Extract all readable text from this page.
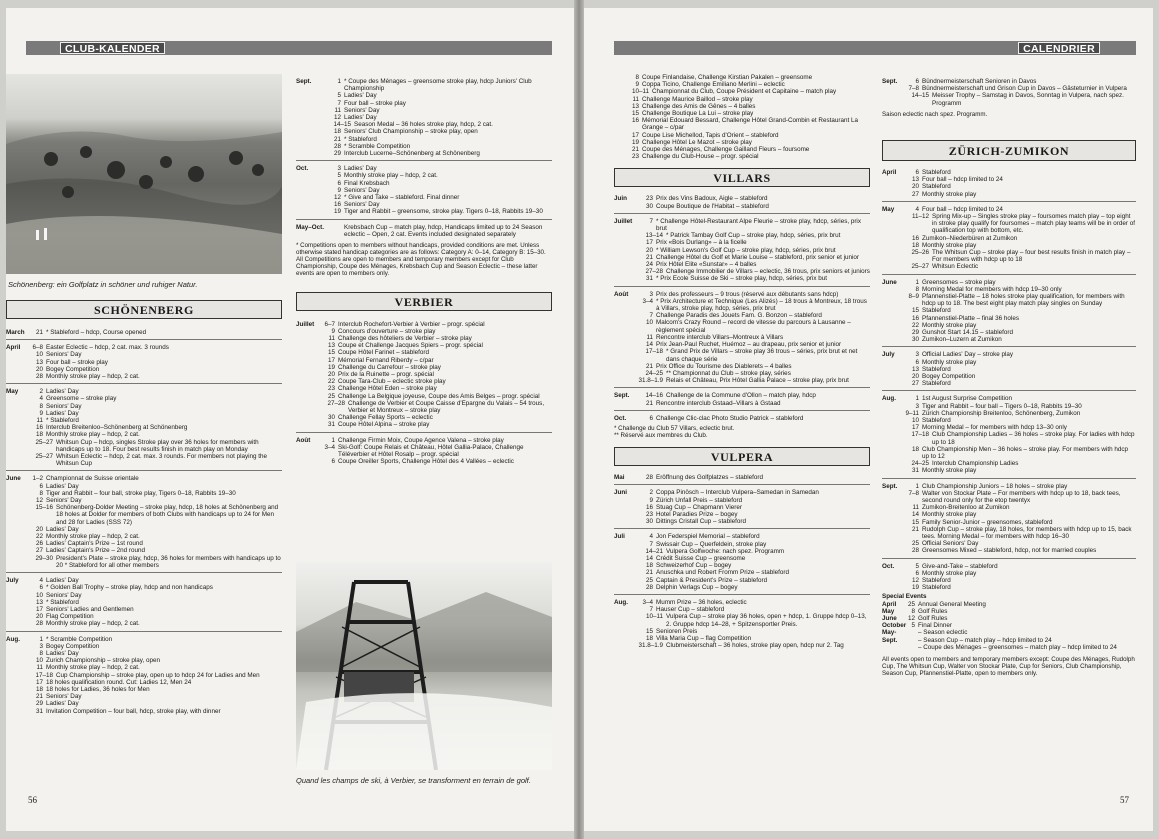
CLUB-KALENDER
Schönenberg: ein Golfplatz in schöner und ruhiger Natur.
SCHÖNENBERG
March	21 * Stableford – hdcp, Course opened
April	6–8 Easter Eclectic – hdcp, 2 cat. max. 3 rounds
10 Seniors' Day
13 Four ball – stroke play
20 Bogey Competition
28 Monthly stroke play – hdcp, 2 cat.
May	2 Ladies' Day
4 Greensome – stroke play
8 Seniors' Day
9 Ladies' Day
11 * Stableford
16 Interclub Breitenloo–Schönenberg at Schönenberg
18 Monthly stroke play – hdcp, 2 cat.
25–27 Whitsun Cup – hdcp, singles Stroke play over 36 holes for members with handicaps up to 18. Four best results finish in match play on Monday
25–27 Whitsun Eclectic – hdcp, 2 cat. max. 3 rounds. For members not playing the Whitsun Cup
June	1–2 Championnat de Suisse orientale
6 Ladies' Day
8 Tiger and Rabbit – four ball, stroke play, Tigers 0–18, Rabbits 19–30
12 Seniors' Day
15–16 Schönenberg-Dolder Meeting – stroke play, hdcp, 18 holes at Schönenberg and 18 holes at Dolder for members of both Clubs with handicaps up to 24 for Men and 28 for Ladies (SSS 72)
20 Ladies' Day
22 Monthly stroke play – hdcp, 2 cat.
26 Ladies' Captain's Prize – 1st round
27 Ladies' Captain's Prize – 2nd round
29–30 President's Plate – stroke play, hdcp, 36 holes for members with handicaps up to 20 * Stableford for all other members
July	4 Ladies' Day
6 * Golden Ball Trophy – stroke play, hdcp and non handicaps
10 Seniors' Day
13 * Stableford
17 Seniors' Ladies and Gentlemen
20 Flag Competition
28 Monthly stroke play – hdcp, 2 cat.
Aug.	1 * Scramble Competition
3 Bogey Competition
8 Ladies' Day
10 Zurich Championship – stroke play, open
11 Monthly stroke play – hdcp, 2 cat.
17–18 Cup Championship – stroke play, open up to hdcp 24 for Ladies and Men
17 18 holes qualification round. Cut: Ladies 12, Men 24
18 18 holes for Ladies, 36 holes for Men
21 Seniors' Day
29 Ladies' Day
31 Invitation Competition – four ball, hdcp, stroke play, with dinner
Sept.	1 * Coupe des Ménages – greensome stroke play, hdcp Juniors' Club Championship
5 Ladies' Day
7 Four ball – stroke play
11 Seniors' Day
12 Ladies' Day
14–15 Season Medal – 36 holes stroke play, hdcp, 2 cat.
18 Seniors' Club Championship – stroke play, open
21 * Stableford
28 * Scramble Competition
29 Interclub Lucerne–Schönenberg at Schönenberg
Oct.	3 Ladies' Day
5 Monthly stroke play – hdcp, 2 cat.
6 Final Krebsbach
9 Seniors' Day
12 * Give and Take – stableford. Final dinner
16 Seniors' Day
19 Tiger and Rabbit – greensome, stroke play. Tigers 0–18, Rabbits 19–30
May–Oct.	Krebsbach Cup – match play, hdcp, Handicaps limited up to 24 Season eclectic – Open, 2 cat. Events included designated separately
* Competitions open to members without handicaps, provided conditions are met. Unless otherwise stated handicap categories are as follows: Category A: 0–14, Category B: 15–30. All Competitions are open to members and temporary members except for Club Championship, Coupe des Ménages, Krebsbach Cup and Season Eclectic – these latter events are open to members only.
VERBIER
Juillet	6–7 Interclub Rochefort-Verbier à Verbier – progr. spécial
9 Concours d'ouverture – stroke play
11 Challenge des hôteliers de Verbier – stroke play
13 Coupe et Challenge Jacques Spiers – progr. spécial
15 Coupe Hôtel Farinet – stableford
17 Mémorial Fernand Riberdy – c/par
19 Challenge du Carrefour – stroke play
20 Prix de la Ruinette – progr. spécial
22 Coupe Tara-Club – eclectic stroke play
23 Challenge Hôtel Eden – stroke play
25 Challenge La Belgique joyeuse, Coupe des Amis Belges – progr. spécial
27–28 Challenge de Verbier et Coupe Caisse d'Epargne du Valais – 54 trous, Verbier et Montreux – stroke play
30 Challenge Fellay Sports – eclectic
31 Coupe Hôtel Alpina – stroke play
Août	1 Challenge Firmin Moix, Coupe Agence Valena – stroke play
3–4 Ski-Golf: Coupe Relais et Château, Hôtel Gallia-Palace, Challenge Téléverbier et Hôtel Rosalp – progr. spécial
6 Coupe Oreiller Sports, Challenge Hôtel des 4 Vallées – eclectic
Quand les champs de ski, à Verbier, se transforment en terrain de golf.
56
CALENDRIER
8 Coupe Finlandaise, Challenge Kirstian Pakalen – greensome
9 Coppa Ticino, Challenge Emiliano Merlini – eclectic
10–11 Championnat du Club, Coupe Président et Capitaine – match play
11 Challenge Maurice Baillod – stroke play
13 Challenge des Amis de Gênes – 4 balles
15 Challenge Boutique La Lui – stroke play
16 Mémorial Edouard Bessard, Challenge Hôtel Grand-Combin et Restaurant La Grange – c/par
17 Coupe Lise Michellod, Tapis d'Orient – stableford
19 Challenge Hôtel Le Mazot – stroke play
21 Coupe des Ménages, Challenge Gailland Fleurs – foursome
23 Challenge du Club-House – progr. spécial
VILLARS
Juin	23 Prix des Vins Badoux, Aigle – stableford
30 Coupe Boutique de l'Habitat – stableford
Juillet	7 * Challenge Hôtel-Restaurant Alpe Fleurie – stroke play, hdcp, séries, prix brut
13–14 * Patrick Tambay Golf Cup – stroke play, hdcp, séries, prix brut
17 Prix «Bois Durlang» – à la ficelle
20 * William Lewson's Golf Cup – stroke play, hdcp, séries, prix brut
21 Challenge Hôtel du Golf et Marie Louise – stableford, prix senior et junior
24 Prix Hôtel Elite «Sunstar» – 4 balles
27–28 Challenge Immobilier de Villars – eclectic, 36 trous, prix seniors et juniors
31 * Prix Ecole Suisse de Ski – stroke play, hdcp, séries, prix but
Août	3 Prix des professeurs – 9 trous (réservé aux débutants sans hdcp)
3–4 * Prix Architecture et Technique (Les Alizés) – 18 trous à Montreux, 18 trous à Villars, stroke play, hdcp, séries, prix brut
7 Challenge Paradis des Jouets Fam. G. Bonzon – stableford
10 Malcom's Crazy Round – record de vitesse du parcours à Lausanne – règlement spécial
11 Rencontre interclub Villars–Montreux à Villars
14 Prix Jean-Paul Ruchet, Huémoz – au drapeau, prix senior et junior
17–18 * Grand Prix de Villars – stroke play 36 trous – séries, prix brut et net dans chaque série
21 Prix Office du Tourisme des Diablerets – 4 balles
24–25 ** Championnat du Club – stroke play, séries
31.8–1.9 Relais et Château, Prix Hôtel Gallia Palace – stroke play, prix brut
Sept.	14–16 Challenge de la Commune d'Ollon – match play, hdcp
21 Rencontre interclub Gstaad–Villars à Gstaad
Oct.	6 Challenge Clic-clac Photo Studio Patrick – stableford
* Challenge du Club 57 Villars, eclectic brut.
** Réservé aux membres du Club.
VULPERA
Mai	28 Eröffnung des Golfplatzes – stableford
Juni	2 Coppa Pinösch – Interclub Vulpera–Samedan in Samedan
9 Zürich Unfall Preis – stableford
16 Stuag Cup – Chapmann Vierer
23 Hotel Paradies Prize – bogey
30 Dittings Cristall Cup – stableford
Juli	4 Jon Federspiel Memorial – stableford
7 Swissair Cup – Querfeldein, stroke play
14–21 Vulpera Golfwoche: nach spez. Programm
14 Crédit Suisse Cup – greensome
18 Schweizerhof Cup – bogey
21 Anuschka und Robert Fromm Prize – stableford
25 Captain & President's Prize – stableford
28 Delphin Verlags Cup – bogey
Aug.	3–4 Mumm Prize – 36 holes, eclectic
7 Hauser Cup – stableford
10–11 Vulpera Cup – stroke play 36 holes, open + hdcp, 1. Gruppe hdcp 0–13, 2. Gruppe hdcp 14–28, + Spitzensportler Preis.
15 Senioren Preis
18 Villa Maria Cup – flag Competition
31.8–1.9 Clubmeisterschaft – 36 holes, stroke play open, hdcp nur 2. Tag
Sept.	6 Bündnermeisterschaft Senioren in Davos
7–8 Bündnermeisterschaft und Grison Cup in Davos – Gästeturnier in Vulpera
14–15 Meisser Trophy – Samstag in Davos, Sonntag in Vulpera, nach spez. Programm
Saison eclectic nach spez. Programm.
ZÜRICH-ZUMIKON
April	6 Stableford
13 Four ball – hdcp limited to 24
20 Stableford
27 Monthly stroke play
May	4 Four ball – hdcp limited to 24
11–12 Spring Mix-up – Singles stroke play – foursomes match play – top eight in stroke play qualify for foursomes – match play teams will be in order of qualification top with bottom, etc.
16 Zumikon–Niederbüren at Zumikon
18 Monthly stroke play
25–26 The Whitsun Cup – stroke play – four best results finish in match play – For members with hdcp up to 18
25–27 Whitsun Eclectic
June	1 Greensomes – stroke play
8 Morning Medal for members with hdcp 19–30 only
8–9 Pfannenstiel-Platte – 18 holes stroke play qualification, for members with hdcp up to 18. The best eight play match play singles on Sunday
15 Stableford
16 Pfannenstiel-Platte – final 36 holes
22 Monthly stroke play
29 Gunshot Start 14.15 – stableford
30 Zumikon–Luzern at Zumikon
July	3 Official Ladies' Day – stroke play
6 Monthly stroke play
13 Stableford
20 Bogey Competition
27 Stableford
Aug.	1 1st August Surprise Competition
3 Tiger and Rabbit – four ball – Tigers 0–18, Rabbits 19–30
9–11 Zürich Championship Breitenloo, Schönenberg, Zumikon
10 Stableford
17 Morning Medal – for members with hdcp 13–30 only
17–18 Club Championship Ladies – 36 holes – stroke play. For ladies with hdcp up to 18
18 Club Championship Men – 36 holes – stroke play. For members with hdcp up to 12
24–25 Interclub Championship Ladies
31 Monthly stroke play
Sept.	1 Club Championship Juniors – 18 holes – stroke play
7–8 Walter von Stockar Plate – For members with hdcp up to 18, back tees, second round only for the etop twentyx
11 Zumikon-Breitenloo at Zumikon
14 Monthly stroke play
15 Family Senior-Junior – greensomes, stableford
21 Rudolph Cup – stroke play, 18 holes, for members with hdcp up to 15, back tees. Morning Medal – for members with hdcp 16–30
25 Official Seniors' Day
28 Greensomes Mixed – stableford, hdcp, not for married couples
Oct.	5 Give-and-Take – stableford
6 Monthly stroke play
12 Stableford
19 Stableford
Special Events
April	25 Annual General Meeting
May	8 Golf Rules
June	12 Golf Rules
October 5 Final Dinner
May-	– Season eclectic
Sept.	– Season Cup – match play – hdcp limited to 24
– Coupe des Ménages – greensomes – match play – hdcp limited to 24
All events open to members and temporary members except: Coupe des Ménages, Rudolph Cup, The Whitsun Cup, Walter von Stockar Plate, Cup for Seniors, Club Championship, Season Cup, Pfannenstiel-Platte, open to members only.
57
